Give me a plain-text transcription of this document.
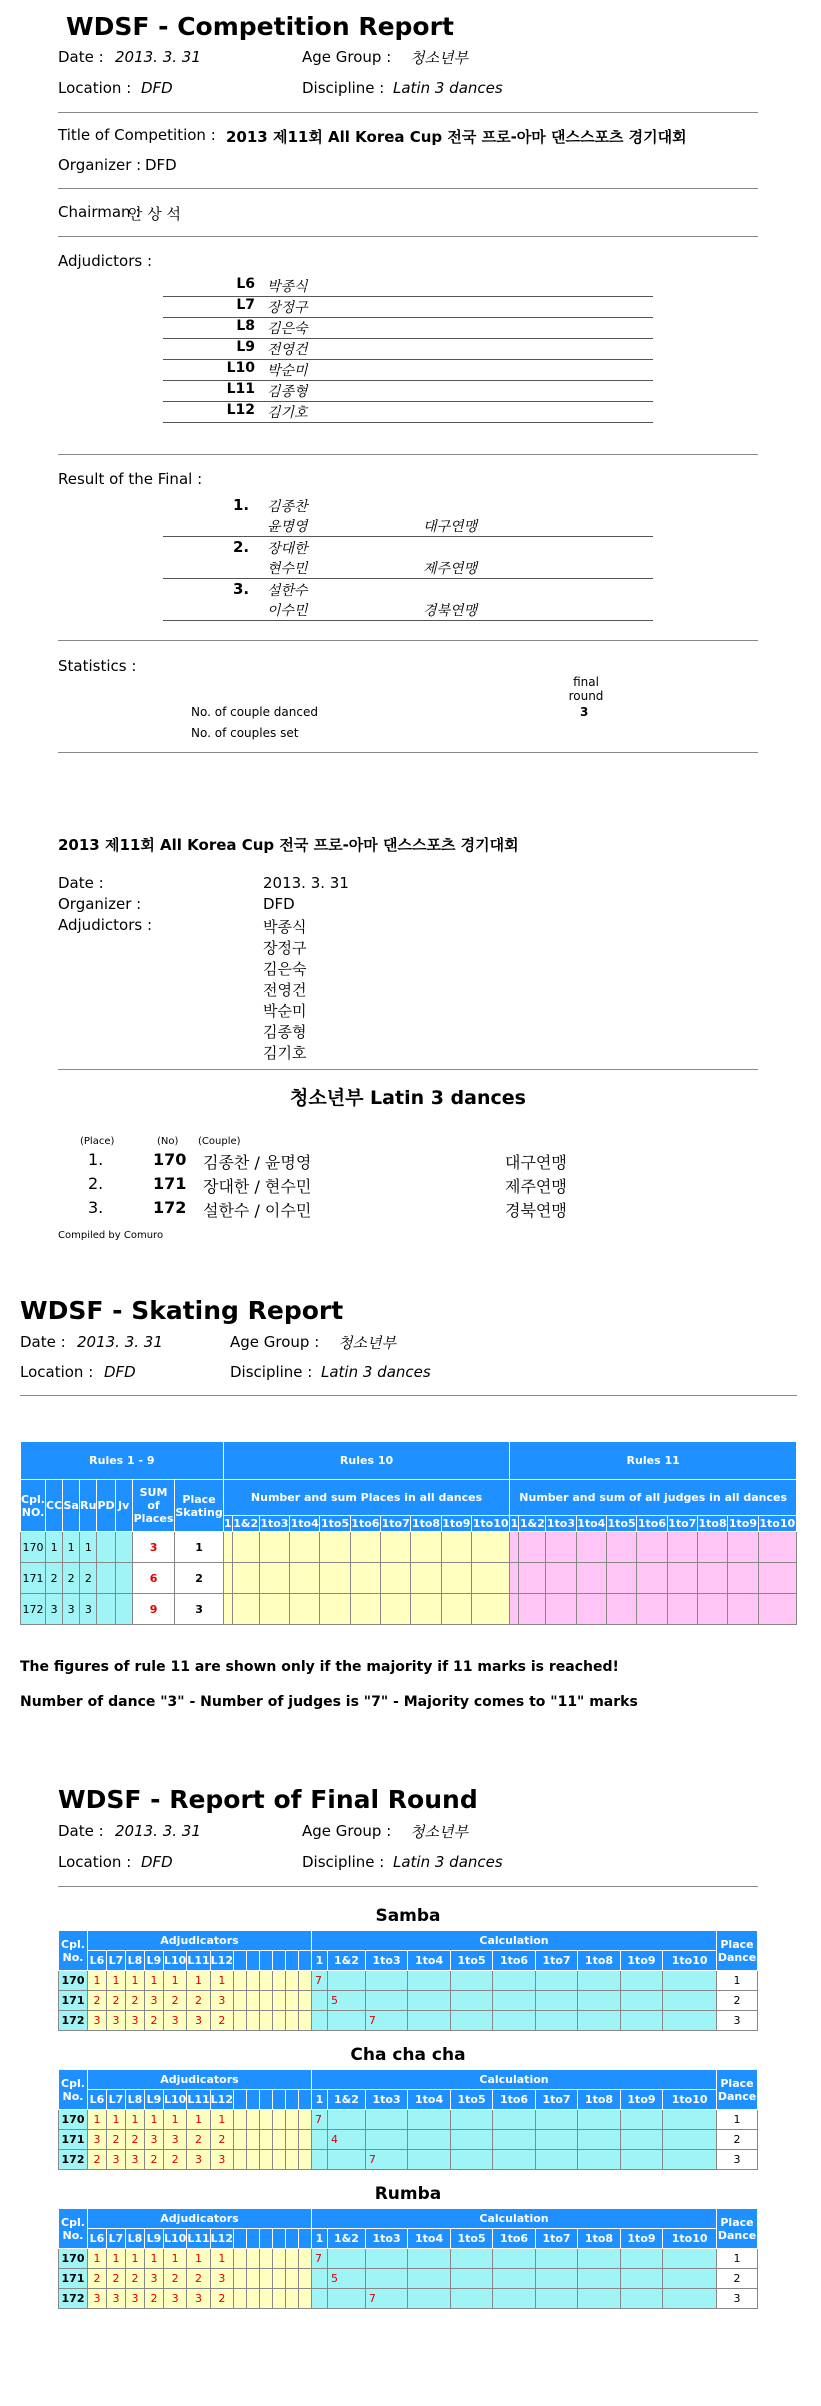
WDSF - Competition Report
Date : 2013. 3. 31	Age Group : 청소년부
Location : DFD	Discipline : Latin 3 dances
Title of Competition : 2013 제11회 All Korea Cup 전국 프로-아마 댄스스포츠 경기대회
Organizer : DFD
Chairman :
안 상 석
Adjudictors :
L6 박종식
L7 장정구
L8 김은숙
L9 전영건
L10 박순미
L11 김종형
L12 김기호
Result of the Final :
1. 김종찬
윤명영	대구연맹
2. 장대한
현수민	제주연맹
3. 설한수
이수민	경북연맹
Statistics :
final round
No. of couple danced	3
No. of couples set
2013 제11회 All Korea Cup 전국 프로-아마 댄스스포츠 경기대회
Date :	2013. 3. 31
Organizer :	DFD
Adjudictors :	박종식
장정구
김은숙
전영건
박순미
김종형
김기호
청소년부 Latin 3 dances
(Place)	(No) (Couple)
1.	170 김종찬 / 윤명영	대구연맹
2.	171 장대한 / 현수민	제주연맹
3.	172 설한수 / 이수민	경북연맹
Compiled by Comuro
WDSF - Skating Report
Date : 2013. 3. 31	Age Group : 청소년부
Location : DFD	Discipline : Latin 3 dances
Rules 1 - 9								Rules 10										Rules 11									
Cpl. NO.	CC	Sa	Ru	PD	Jv	SUM of Places	Place Skating	Number and sum Places in all dances										Number and sum of all judges in all dances									
								1	1&2	1to3	1to4	1to5	1to6	1to7	1to8	1to9	1to10	1	1&2	1to3	1to4	1to5	1to6	1to7	1to8	1to9	1to10
170	1	1	1			3	1																				
171	2	2	2			6	2																				
172	3	3	3			9	3																				
The figures of rule 11 are shown only if the majority if 11 marks is reached!
Number of dance "3" - Number of judges is "7" - Majority comes to "11" marks
WDSF - Report of Final Round
Date : 2013. 3. 31	Age Group : 청소년부
Location : DFD	Discipline : Latin 3 dances
Samba
Cpl. No.	Adjudicators													Calculation										Place Dance
	L6	L7	L8	L9	L10	L11	L12							1	1&2	1to3	1to4	1to5	1to6	1to7	1to8	1to9	1to10	
170	1	1	1	1	1	1	1							7										1
171	2	2	2	3	2	2	3								5									2
172	3	3	3	2	3	3	2									7								3
Cha cha cha
Cpl. No.	Adjudicators													Calculation										Place Dance
	L6	L7	L8	L9	L10	L11	L12							1	1&2	1to3	1to4	1to5	1to6	1to7	1to8	1to9	1to10	
170	1	1	1	1	1	1	1							7										1
171	3	2	2	3	3	2	2								4									2
172	2	3	3	2	2	3	3									7								3
Rumba
Cpl. No.	Adjudicators													Calculation										Place Dance
	L6	L7	L8	L9	L10	L11	L12							1	1&2	1to3	1to4	1to5	1to6	1to7	1to8	1to9	1to10	
170	1	1	1	1	1	1	1							7										1
171	2	2	2	3	2	2	3								5									2
172	3	3	3	2	3	3	2									7								3
